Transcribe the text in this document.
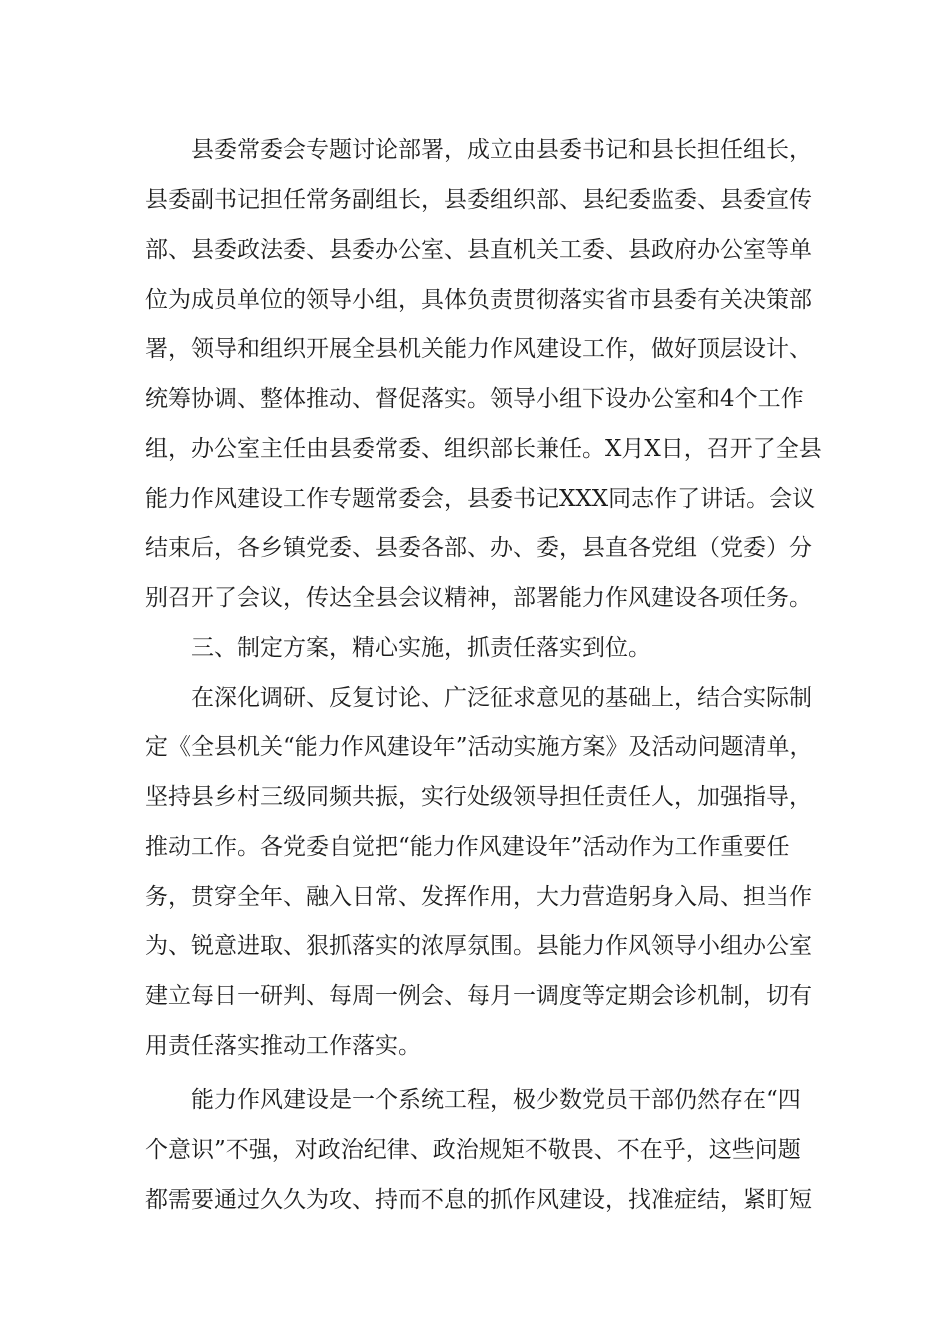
县委常委会专题讨论部署，成立由县委书记和县长担任组长，
县委副书记担任常务副组长，县委组织部、县纪委监委、县委宣传
部、县委政法委、县委办公室、县直机关工委、县政府办公室等单
位为成员单位的领导小组，具体负责贯彻落实省市县委有关决策部
署，领导和组织开展全县机关能力作风建设工作，做好顶层设计、
统筹协调、整体推动、督促落实。领导小组下设办公室和4个工作
组，办公室主任由县委常委、组织部长兼任。X月X日，召开了全县
能力作风建设工作专题常委会，县委书记XXX同志作了讲话。会议
结束后，各乡镇党委、县委各部、办、委，县直各党组（党委）分
别召开了会议，传达全县会议精神，部署能力作风建设各项任务。
三、制定方案，精心实施，抓责任落实到位。
在深化调研、反复讨论、广泛征求意见的基础上，结合实际制
定《全县机关“能力作风建设年”活动实施方案》及活动问题清单，
坚持县乡村三级同频共振，实行处级领导担任责任人，加强指导，
推动工作。各党委自觉把“能力作风建设年”活动作为工作重要任
务，贯穿全年、融入日常、发挥作用，大力营造躬身入局、担当作
为、锐意进取、狠抓落实的浓厚氛围。县能力作风领导小组办公室
建立每日一研判、每周一例会、每月一调度等定期会诊机制，切有
用责任落实推动工作落实。
能力作风建设是一个系统工程，极少数党员干部仍然存在“四
个意识”不强，对政治纪律、政治规矩不敬畏、不在乎，这些问题
都需要通过久久为攻、持而不息的抓作风建设，找准症结，紧盯短
